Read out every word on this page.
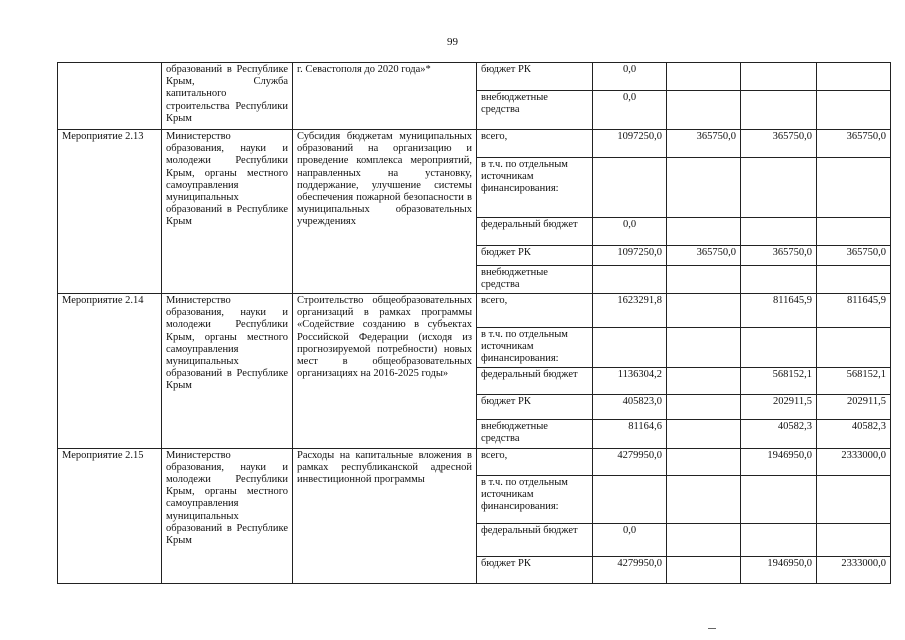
99
	образований в Республике Крым, Служба капитального строительства Республики Крым	г. Севастополя до 2020 года»*	бюджет РК	0,0			
			внебюджетные средства	0,0			
Мероприятие 2.13	Министерство образования, науки и молодежи Республики Крым, органы местного самоуправления муниципальных образований в Республике Крым	Субсидия бюджетам муниципальных образований на организацию и проведение комплекса мероприятий, направленных на установку, поддержание, улучшение системы обеспечения пожарной безопасности в муниципальных образовательных учреждениях	всего,	1097250,0	365750,0	365750,0	365750,0
			в т.ч. по отдельным источникам финансирования:				
			федеральный бюджет	0,0			
			бюджет РК	1097250,0	365750,0	365750,0	365750,0
			внебюджетные средства				
Мероприятие 2.14	Министерство образования, науки и молодежи Республики Крым, органы местного самоуправления муниципальных образований в Республике Крым	Строительство общеобразовательных организаций в рамках программы «Содействие созданию в субъектах Российской Федерации (исходя из прогнозируемой потребности) новых мест в общеобразовательных организациях на 2016-2025 годы»	всего,	1623291,8		811645,9	811645,9
			в т.ч. по отдельным источникам финансирования:				
			федеральный бюджет	1136304,2		568152,1	568152,1
			бюджет РК	405823,0		202911,5	202911,5
			внебюджетные средства	81164,6		40582,3	40582,3
Мероприятие 2.15	Министерство образования, науки и молодежи Республики Крым, органы местного самоуправления муниципальных образований в Республике Крым	Расходы на капитальные вложения в рамках республиканской адресной инвестиционной программы	всего,	4279950,0		1946950,0	2333000,0
			в т.ч. по отдельным источникам финансирования:				
			федеральный бюджет	0,0			
			бюджет РК	4279950,0		1946950,0	2333000,0
